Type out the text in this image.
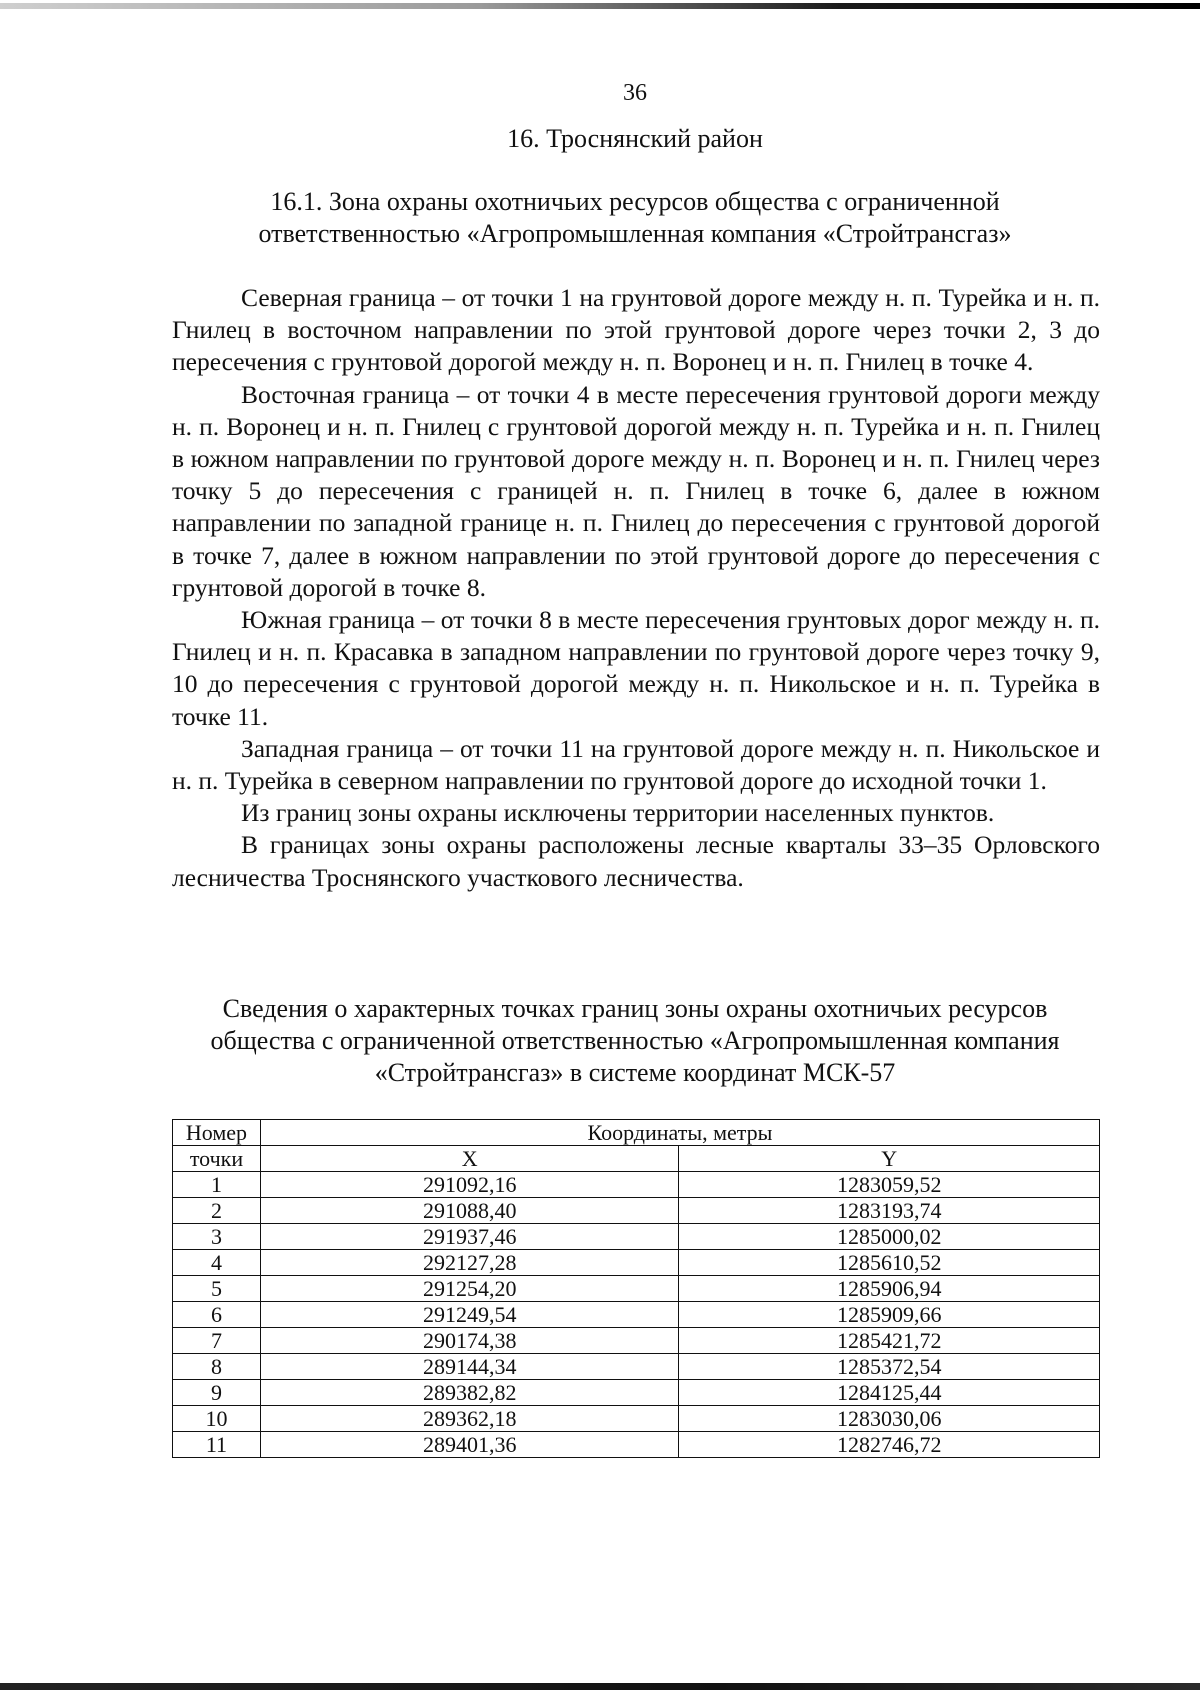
36
16. Троснянский район
16.1. Зона охраны охотничьих ресурсов общества с ограниченной ответственностью «Агропромышленная компания «Стройтрансгаз»

Северная граница – от точки 1 на грунтовой дороге между н. п. Турейка и н. п. Гнилец в восточном направлении по этой грунтовой дороге через точки 2, 3 до пересечения с грунтовой дорогой между н. п. Воронец и н. п. Гнилец в точке 4.

Восточная граница – от точки 4 в месте пересечения грунтовой дороги между н. п. Воронец и н. п. Гнилец с грунтовой дорогой между н. п. Турейка и н. п. Гнилец в южном направлении по грунтовой дороге между н. п. Воронец и н. п. Гнилец через точку 5 до пересечения с границей н. п. Гнилец в точке 6, далее в южном направлении по западной границе н. п. Гнилец до пересечения с грунтовой дорогой в точке 7, далее в южном направлении по этой грунтовой дороге до пересечения с грунтовой дорогой в точке 8.

Южная граница – от точки 8 в месте пересечения грунтовых дорог между н. п. Гнилец и н. п. Красавка в западном направлении по грунтовой дороге через точку 9, 10 до пересечения с грунтовой дорогой между н. п. Никольское и н. п. Турейка в точке 11.

Западная граница – от точки 11 на грунтовой дороге между н. п. Никольское и н. п. Турейка в северном направлении по грунтовой дороге до исходной точки 1.

Из границ зоны охраны исключены территории населенных пунктов.

В границах зоны охраны расположены лесные кварталы 33–35 Орловского лесничества Троснянского участкового лесничества.

Сведения о характерных точках границ зоны охраны охотничьих ресурсов общества с ограниченной ответственностью «Агропромышленная компания «Стройтрансгаз» в системе координат МСК-57
Номер	Координаты, метры	
точки	X	Y
1	291092,16	1283059,52
2	291088,40	1283193,74
3	291937,46	1285000,02
4	292127,28	1285610,52
5	291254,20	1285906,94
6	291249,54	1285909,66
7	290174,38	1285421,72
8	289144,34	1285372,54
9	289382,82	1284125,44
10	289362,18	1283030,06
11	289401,36	1282746,72
